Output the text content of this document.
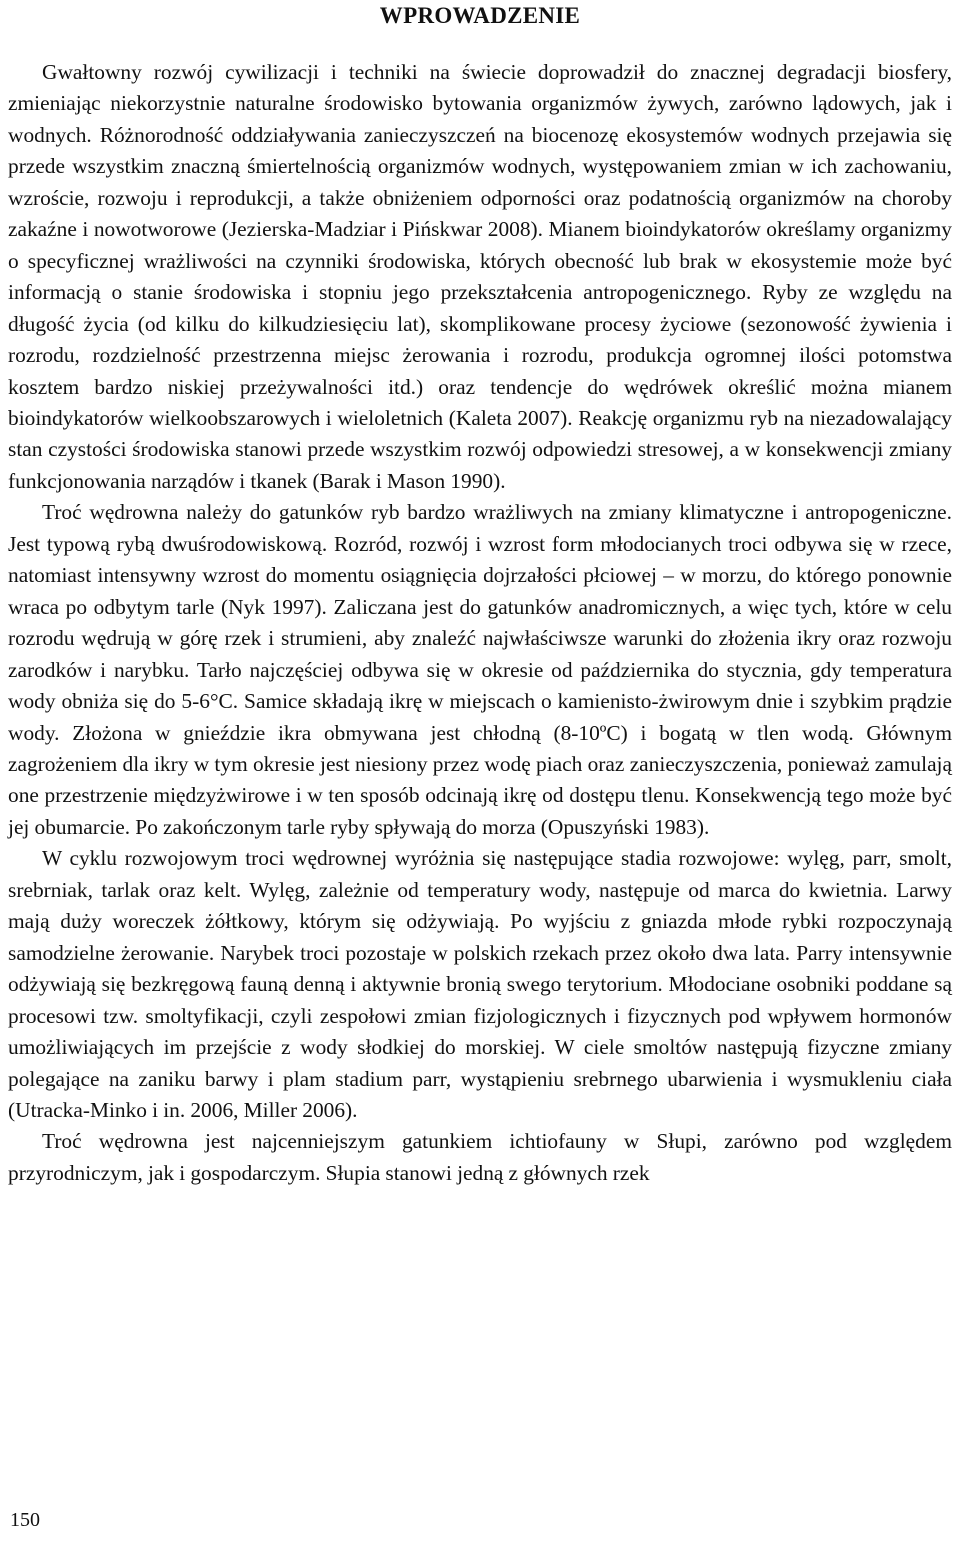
WPROWADZENIE

Gwałtowny rozwój cywilizacji i techniki na świecie doprowadził do znacznej degradacji biosfery, zmieniając niekorzystnie naturalne środowisko bytowania organizmów żywych, zarówno lądowych, jak i wodnych. Różnorodność oddziaływania zanieczyszczeń na biocenozę ekosystemów wodnych przejawia się przede wszystkim znaczną śmiertelnością organizmów wodnych, występowaniem zmian w ich zachowaniu, wzroście, rozwoju i reprodukcji, a także obniżeniem odporności oraz podatnością organizmów na choroby zakaźne i nowotworowe (Jezierska-Madziar i Pińskwar 2008). Mianem bioindykatorów określamy organizmy o specyficznej wrażliwości na czynniki środowiska, których obecność lub brak w ekosystemie może być informacją o stanie środowiska i stopniu jego przekształcenia antropogenicznego. Ryby ze względu na długość życia (od kilku do kilkudziesięciu lat), skomplikowane procesy życiowe (sezonowość żywienia i rozrodu, rozdzielność przestrzenna miejsc żerowania i rozrodu, produkcja ogromnej ilości potomstwa kosztem bardzo niskiej przeżywalności itd.) oraz tendencje do wędrówek określić można mianem bioindykatorów wielkoobszarowych i wieloletnich (Kaleta 2007). Reakcję organizmu ryb na niezadowalający stan czystości środowiska stanowi przede wszystkim rozwój odpowiedzi stresowej, a w konsekwencji zmiany funkcjonowania narządów i tkanek (Barak i Mason 1990).

Troć wędrowna należy do gatunków ryb bardzo wrażliwych na zmiany klimatyczne i antropogeniczne. Jest typową rybą dwuśrodowiskową. Rozród, rozwój i wzrost form młodocianych troci odbywa się w rzece, natomiast intensywny wzrost do momentu osiągnięcia dojrzałości płciowej – w morzu, do którego ponownie wraca po odbytym tarle (Nyk 1997). Zaliczana jest do gatunków anadromicznych, a więc tych, które w celu rozrodu wędrują w górę rzek i strumieni, aby znaleźć najwłaściwsze warunki do złożenia ikry oraz rozwoju zarodków i narybku. Tarło najczęściej odbywa się w okresie od października do stycznia, gdy temperatura wody obniża się do 5-6°C. Samice składają ikrę w miejscach o kamienisto-żwirowym dnie i szybkim prądzie wody. Złożona w gnieździe ikra obmywana jest chłodną (8-10ºC) i bogatą w tlen wodą. Głównym zagrożeniem dla ikry w tym okresie jest niesiony przez wodę piach oraz zanieczyszczenia, ponieważ zamulają one przestrzenie międzyżwirowe i w ten sposób odcinają ikrę od dostępu tlenu. Konsekwencją tego może być jej obumarcie. Po zakończonym tarle ryby spływają do morza (Opuszyński 1983).

W cyklu rozwojowym troci wędrownej wyróżnia się następujące stadia rozwojowe: wylęg, parr, smolt, srebrniak, tarlak oraz kelt. Wylęg, zależnie od temperatury wody, następuje od marca do kwietnia. Larwy mają duży woreczek żółtkowy, którym się odżywiają. Po wyjściu z gniazda młode rybki rozpoczynają samodzielne żerowanie. Narybek troci pozostaje w polskich rzekach przez około dwa lata. Parry intensywnie odżywiają się bezkręgową fauną denną i aktywnie bronią swego terytorium. Młodociane osobniki poddane są procesowi tzw. smoltyfikacji, czyli zespołowi zmian fizjologicznych i fizycznych pod wpływem hormonów umożliwiających im przejście z wody słodkiej do morskiej. W ciele smoltów następują fizyczne zmiany polegające na zaniku barwy i plam stadium parr, wystąpieniu srebrnego ubarwienia i wysmukleniu ciała (Utracka-Minko i in. 2006, Miller 2006).

Troć wędrowna jest najcenniejszym gatunkiem ichtiofauny w Słupi, zarówno pod względem przyrodniczym, jak i gospodarczym. Słupia stanowi jedną z głównych rzek

150
